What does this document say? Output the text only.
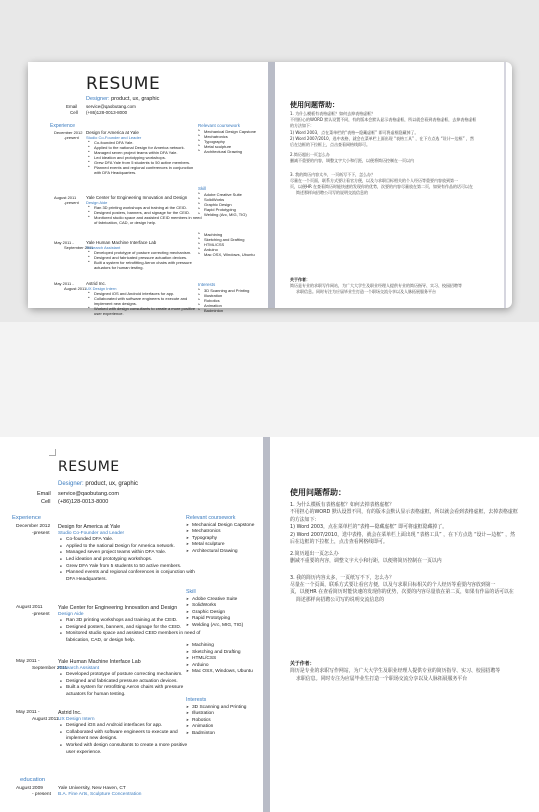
RESUME
Designer: product, ux, graphic
Email service@qaobutang.com
Cell (+86)128-0013-8000
Experience
December 2012
-present
Design for America at Yale
Studio Co-Founder and Leader
● Co-founded DFA Yale.
● Applied to the national Design for America network.
● Managed seven project teams within DFA Yale.
● Led ideation and prototyping workshops.
● Grew DFA Yale from 5 students to 50 active members.
● Planned events and regional conferences in conjunction
with DFA Headquarters.
August 2011
-present
Yale Center for Engineering Innovation and Design
Design Aide
● Ran 3D printing workshops and training at the CEID.
● Designed posters, banners, and signage for the CEID.
● Monitored studio space and assisted CEID members in need
of fabrication, CAD, or design help.
May 2011 -
September 2011
Yale Human Machine Interface Lab
Research Assistant
● Developed prototype of posture correcting mechanism.
● Designed and fabricated pressure actuation devices.
● Built a system for retrofitting Aeron chairs with pressure
actuators for human testing.
May 2011 -
August 2011
Astrid Inc.
UX Design Intern
● Designed iOS and Android interfaces for app.
● Collaborated with software engineers to execute and
implement new designs.
● Worked with design consultants to create a more positive
user experience.
Relevant coursework
➤ Mechanical Design Capstone
➤ Mechatronics
➤ Typography
➤ Metal sculpture
➤ Architectural Drawing
Skill
➤ Adobe Creative Suite
➤ SolidWorks
➤ Graphic Design
➤ Rapid Prototyping
➤ Welding (Arc, MIG, TIG)
➤ Machining
➤ Sketching and Drafting
➤ HTML/CSS
➤ Arduino
➤ Mac OSX, Windows, Ubuntu
Interests
➤ 3D Scanning and Printing
➤ Illustration
➤ Robotics
➤ Animation
➤ Badminton
使用问题帮助：
1. 为什么模板有表格虚框？如何去掉表格虚框？
不用担心的WORD 默认设置不同，有的版本会默认显示表格虚框，所以就会看到表格虚框，去掉表格虚框
的方法如下：
1) Word 2003，点在菜单栏的“表格—隐藏虚框” 即可将虚框隐藏掉了。
2) Word 2007/2010，选中表格，就会在菜单栏上面出现 “表格工具” ，在下方点选 “设计—边框” ，然
后在边框的下拉框上，点击查看网格线即可。
2.简历超出一页怎么办
删减不重要的内容，调整文字大小和行距，以便将简历控制在一页以内
3. 我的简历内容太多，一页纸写不下，怎么办？
尽量在一个页面，联系方式要让看官方便，以及与求职目标相关的个人经历等重要内容放到第一
页，以便HR 在查看简历时能快速的发现你的优势，次要的内容尽量放在第二页，如果有作品的话可以在
简述那样向招聘公司写的说明交流信息的
关于作者：
简历是专业的求职写作网站，为广大大学生及职业经理人提供专业的简历指导、实习、校园招聘等
求职信息。同时专注为应届毕业生打造一个职场交流分享以及人脉拓展服务平台
RESUME
Designer: product, ux, graphic
Email service@qaobutang.com
Cell (+86)128-0013-8000
Experience
December 2012
-present
Design for America at Yale
Studio Co-Founder and Leader
● Co-founded DFA Yale.
● Applied to the national Design for America network.
● Managed seven project teams within DFA Yale.
● Led ideation and prototyping workshops.
● Grew DFA Yale from 5 students to 50 active members.
● Planned events and regional conferences in conjunction with
DFA Headquarters.
August 2011
-present
Yale Center for Engineering Innovation and Design
Design Aide
● Ran 3D printing workshops and training at the CEID.
● Designed posters, banners, and signage for the CEID.
● Monitored studio space and assisted CEID members in need of
fabrication, CAD, or design help.
May 2011 -
September 2011
Yale Human Machine Interface Lab
Research Assistant
● Developed prototype of posture correcting mechanism.
● Designed and fabricated pressure actuation devices.
● Built a system for retrofitting Aeron chairs with pressure
actuators for human testing.
May 2011 -
August 2011
Astrid Inc.
UX Design Intern
● Designed iOS and Android interfaces for app.
● Collaborated with software engineers to execute and
implement new designs.
● Worked with design consultants to create a more positive
user experience.
education
August 2009
- present
Yale University, New Haven, CT
B.A. Fine Arts, Sculpture Concentration
Relevant coursework
➤ Mechanical Design Capstone
➤ Mechatronics
➤ Typography
➤ Metal sculpture
➤ Architectural Drawing
Skill
➤ Adobe Creative Suite
➤ SolidWorks
➤ Graphic Design
➤ Rapid Prototyping
➤ Welding (Arc, MIG, TIG)
➤ Machining
➤ Sketching and Drafting
➤ HTML/CSS
➤ Arduino
➤ Mac OSX, Windows, Ubuntu
Interests
➤ 3D Scanning and Printing
➤ Illustration
➤ Robotics
➤ Animation
➤ Badminton
使用问题帮助：
1. 为什么模板有表格虚框？如何去掉表格虚框？
不用担心的WORD 默认设置不同，有的版本会默认显示表格虚框，所以就会看到表格虚框，去掉表格虚框
的方法如下：
1) Word 2003，点在菜单栏的“表格—隐藏虚框” 即可将虚框隐藏掉了。
2) Word 2007/2010，选中表格，就会在菜单栏上面出现 “表格工具” ，在下方点选 “设计—边框” ，然
后在边框的下拉框上，点击查看网格线即可。
2.简历超出一页怎么办
删减不重要的内容，调整文字大小和行距，以便将简历控制在一页以内
3. 我的简历内容太多，一页纸写不下，怎么办？
尽量在一个页面，联系方式要让看官方便，以及与求职目标相关的个人经历等重要内容放到第一
页，以便HR 在查看简历时能快速的发现你的优势，次要的内容尽量放在第二页，如果有作品的话可以在
简述那样向招聘公司写的说明交流信息的
关于作者：
简历是专业的求职写作网站，为广大大学生及职业经理人提供专业的简历指导、实习、校园招聘等
求职信息。同时专注为应届毕业生打造一个职场交流分享以及人脉拓展服务平台
